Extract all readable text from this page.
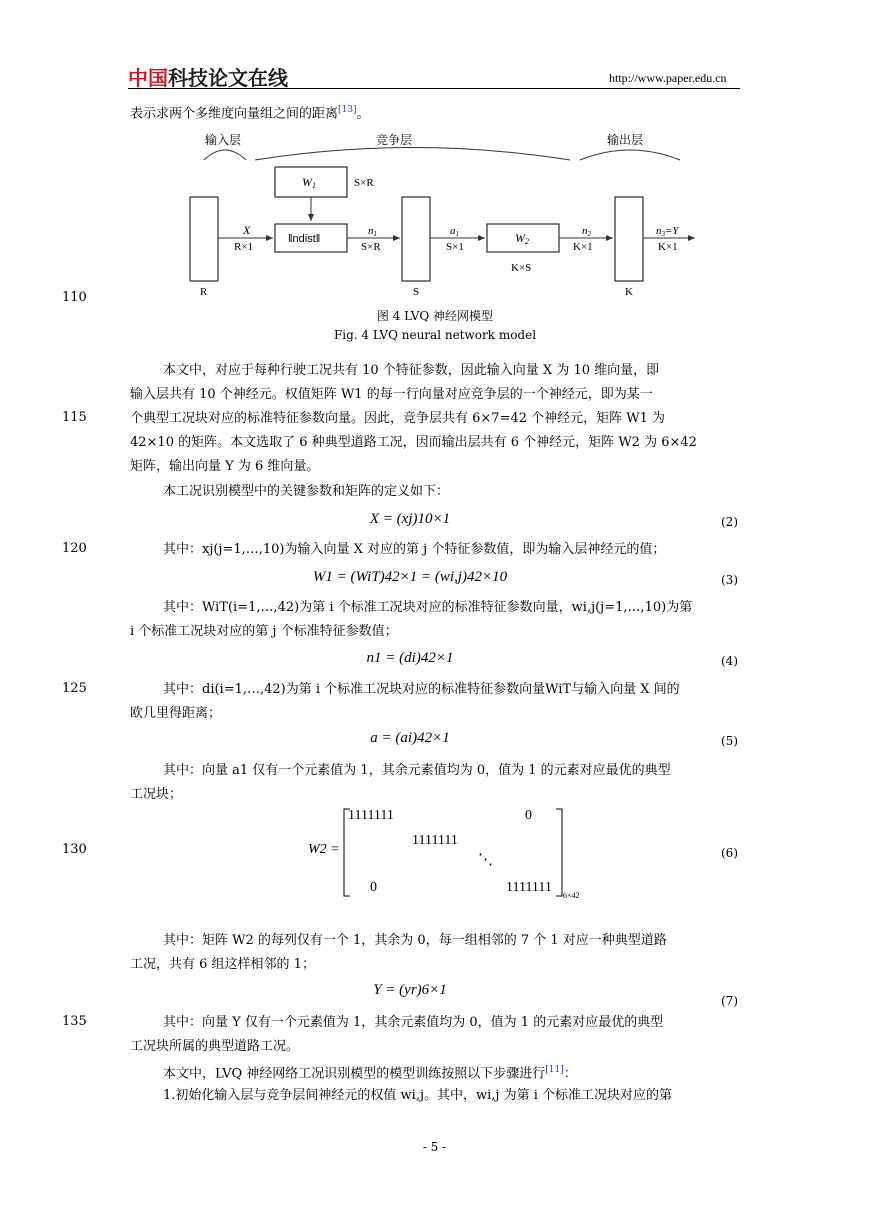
中国科技论文在线	http://www.paper.edu.cn
表示求两个多维度向量组之间的距离[13]。
输入层	竞争层	输出层
W1	S×R
R
X
R×1
‖ndist‖
n1
S×R
S
a1
S×1
W2
K×S
n2
K×1
K
n3=Y
K×1
110
115
120
125
130
135
图 4 LVQ 神经网模型
Fig. 4 LVQ neural network model
本文中，对应于每种行驶工况共有 10 个特征参数，因此输入向量 X 为 10 维向量，即
输入层共有 10 个神经元。权值矩阵 W1 的每一行向量对应竞争层的一个神经元，即为某一
个典型工况块对应的标准特征参数向量。因此，竞争层共有 6×7=42 个神经元，矩阵 W1 为
42×10 的矩阵。本文选取了 6 种典型道路工况，因而输出层共有 6 个神经元，矩阵 W2 为 6×42
矩阵，输出向量 Y 为 6 维向量。
本工况识别模型中的关键参数和矩阵的定义如下：
X = (xj)10×1	(2)
其中：xj(j=1,…,10)为输入向量 X 对应的第 j 个特征参数值，即为输入层神经元的值；
W1 = (WiT)42×1 = (wi,j)42×10	(3)
其中：WiT(i=1,…,42)为第 i 个标准工况块对应的标准特征参数向量，wi,j(j=1,…,10)为第
i 个标准工况块对应的第 j 个标准特征参数值；
n1 = (di)42×1	(4)
其中：di(i=1,…,42)为第 i 个标准工况块对应的标准特征参数向量WiT与输入向量 X 间的
欧几里得距离；
a = (ai)42×1	(5)
其中：向量 a1 仅有一个元素值为 1，其余元素值均为 0，值为 1 的元素对应最优的典型
工况块；
W2 =
1111111	0
1111111
⋱
0	1111111
6×42
(6)
其中：矩阵 W2 的每列仅有一个 1，其余为 0，每一组相邻的 7 个 1 对应一种典型道路
工况，共有 6 组这样相邻的 1；
Y = (yr)6×1
(7)
其中：向量 Y 仅有一个元素值为 1，其余元素值均为 0，值为 1 的元素对应最优的典型
工况块所属的典型道路工况。
本文中，LVQ 神经网络工况识别模型的模型训练按照以下步骤进行[11]：
1.初始化输入层与竞争层间神经元的权值 wi,j。其中，wi,j 为第 i 个标准工况块对应的第
- 5 -
